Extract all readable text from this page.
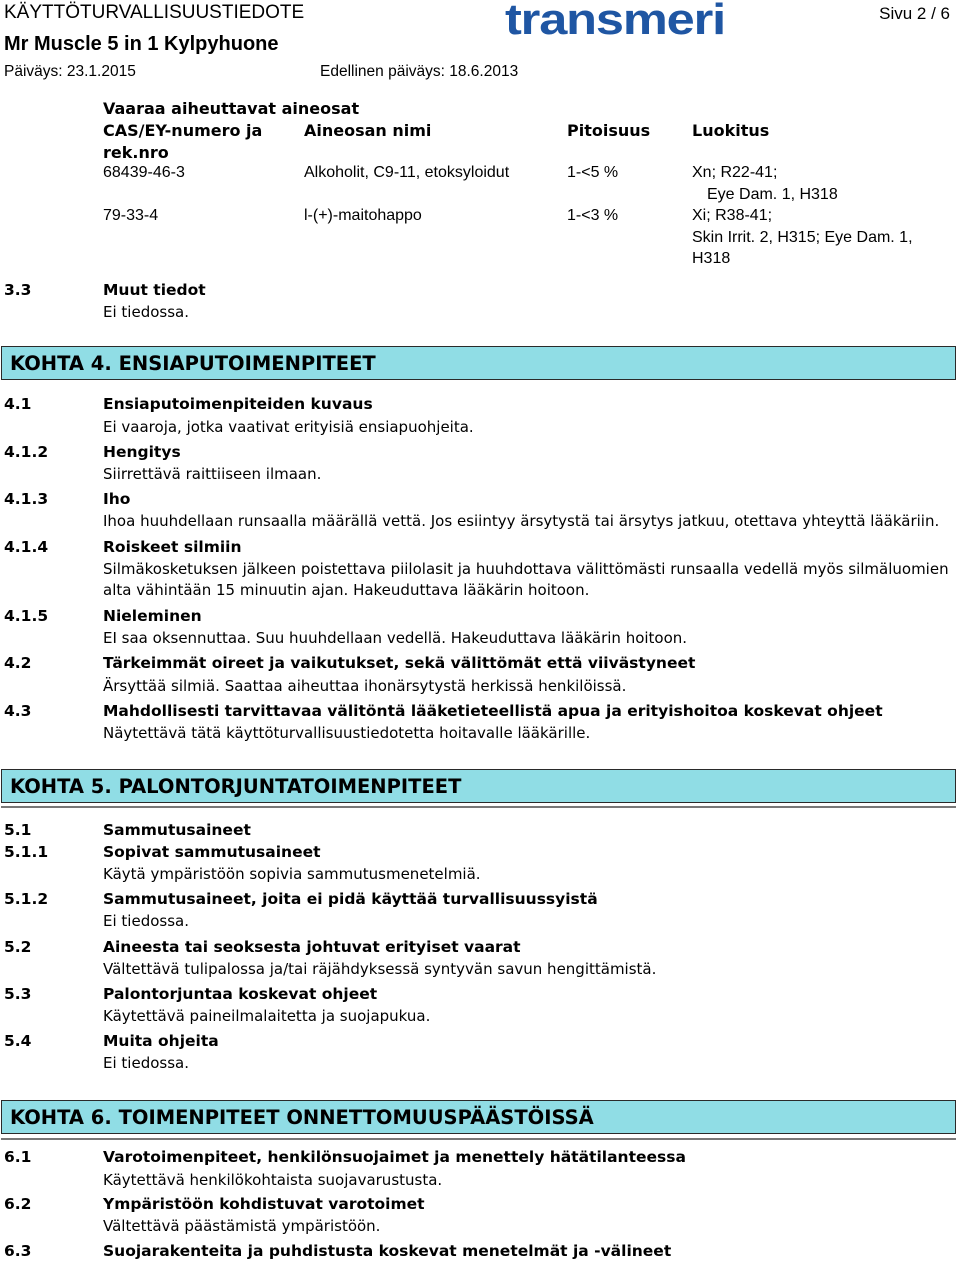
KÄYTTÖTURVALLISUUSTIEDOTE
Mr Muscle 5 in 1 Kylpyhuone
Päiväys: 23.1.2015	Edellinen päiväys: 18.6.2013
Sivu 2 / 6
transmeri
Vaaraa aiheuttavat aineosat
CAS/EY-numero ja
rek.nro
Aineosan nimi	Pitoisuus	Luokitus
68439-46-3	Alkoholit, C9-11, etoksyloidut	1-<5 %	Xn; R22-41;
Eye Dam. 1, H318
79-33-4	l-(+)-maitohappo	1-<3 %	Xi; R38-41;
Skin Irrit. 2, H315; Eye Dam. 1,
H318
3.3	Muut tiedot
Ei tiedossa.
KOHTA 4. ENSIAPUTOIMENPITEET
4.1	Ensiaputoimenpiteiden kuvaus
Ei vaaroja, jotka vaativat erityisiä ensiapuohjeita.
4.1.2	Hengitys
Siirrettävä raittiiseen ilmaan.
4.1.3	Iho
Ihoa huuhdellaan runsaalla määrällä vettä. Jos esiintyy ärsytystä tai ärsytys jatkuu, otettava yhteyttä lääkäriin.
4.1.4	Roiskeet silmiin
Silmäkosketuksen jälkeen poistettava piilolasit ja huuhdottava välittömästi runsaalla vedellä myös silmäluomien
alta vähintään 15 minuutin ajan. Hakeuduttava lääkärin hoitoon.
4.1.5	Nieleminen
EI saa oksennuttaa. Suu huuhdellaan vedellä. Hakeuduttava lääkärin hoitoon.
4.2	Tärkeimmät oireet ja vaikutukset, sekä välittömät että viivästyneet
Ärsyttää silmiä. Saattaa aiheuttaa ihonärsytystä herkissä henkilöissä.
4.3	Mahdollisesti tarvittavaa välitöntä lääketieteellistä apua ja erityishoitoa koskevat ohjeet
Näytettävä tätä käyttöturvallisuustiedotetta hoitavalle lääkärille.
KOHTA 5. PALONTORJUNTATOIMENPITEET
5.1	Sammutusaineet
5.1.1	Sopivat sammutusaineet
Käytä ympäristöön sopivia sammutusmenetelmiä.
5.1.2	Sammutusaineet, joita ei pidä käyttää turvallisuussyistä
Ei tiedossa.
5.2	Aineesta tai seoksesta johtuvat erityiset vaarat
Vältettävä tulipalossa ja/tai räjähdyksessä syntyvän savun hengittämistä.
5.3	Palontorjuntaa koskevat ohjeet
Käytettävä paineilmalaitetta ja suojapukua.
5.4	Muita ohjeita
Ei tiedossa.
KOHTA 6. TOIMENPITEET ONNETTOMUUSPÄÄSTÖISSÄ
6.1	Varotoimenpiteet, henkilönsuojaimet ja menettely hätätilanteessa
Käytettävä henkilökohtaista suojavarustusta.
6.2	Ympäristöön kohdistuvat varotoimet
Vältettävä päästämistä ympäristöön.
6.3	Suojarakenteita ja puhdistusta koskevat menetelmät ja -välineet
